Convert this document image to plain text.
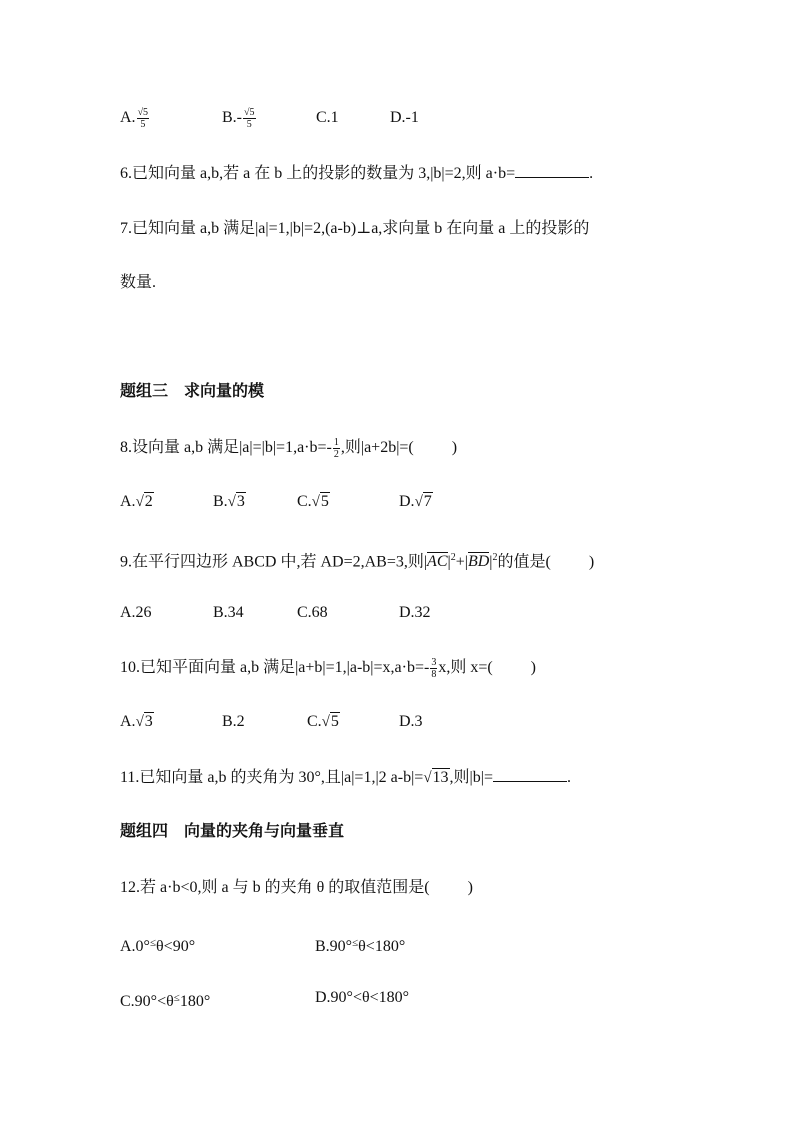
A. $\frac{√5}{5}$	$B.- \frac{√5}{5}$	C.1	D.-1
6.已知向量 a,b,若 a 在 b 上的投影的数量为 3,|b|=2,则 a·b=	.
7.已知向量 a,b 满足|a|=1,|b|=2,(a-b)⊥a,求向量 b 在向量 a 上的投影的
数量.
题组三　求向量的模
8.设向量 a,b 满足$|a|=|b|=1,a\cdot b=- \frac{1}{2}$ ,则|a+2b|=( )
A.√2	B.√3	C.√5	D.√7
9.在平行四边形 ABCD 中,若 AD=2,AB=3,则$|AC|^2+|BD|^2$的值是( )
A.26	B.34	C.68	D.32
10.已知平面向量 a,b 满足$|a+b|=1,|a-b|=x,a\cdot b=- \frac{3}{8} x$,则 x=( )
A.√3	B.2	C.√5	D.3
11.已知向量 a,b 的夹角为 30°,且|a|=1,|2 a-b|=√13,则|b|=	.
题组四　向量的夹角与向量垂直
12.若 a·b<0,则 a 与 b 的夹角 θ 的取值范围是( )
A.0°≤θ<90°	B.90°≤θ<180°
C.90°<θ≤180°	D.90°<θ<180°
